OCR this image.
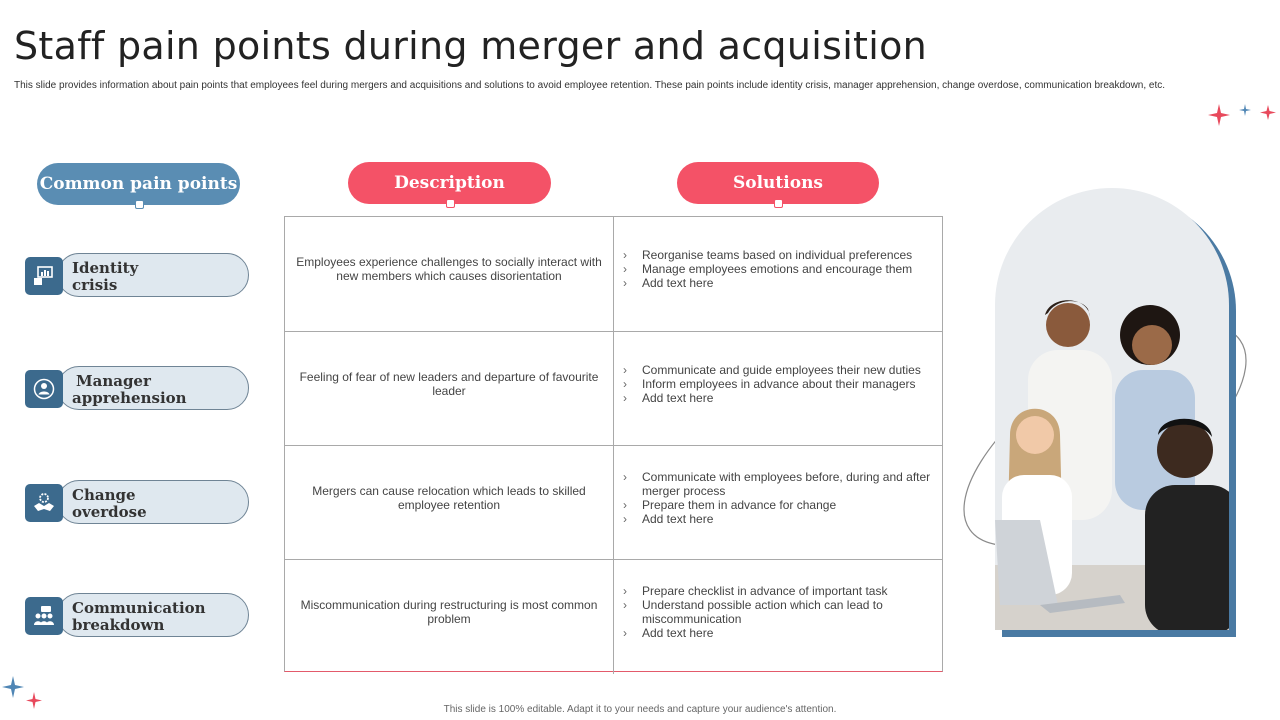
Staff pain points during merger and acquisition
This slide provides information about pain points that employees feel during mergers and acquisitions and solutions to avoid employee retention. These pain points include identity crisis, manager apprehension, change overdose, communication breakdown, etc.
Common pain points	Description	Solutions
Identity
crisis
Manager
apprehension
Change
overdose
Communication
breakdown
Employees experience challenges to socially interact with new members which causes disorientation
› Reorganise teams based on individual preferences
› Manage employees emotions and encourage them
› Add text here
Feeling of fear of new leaders and departure of favourite leader
› Communicate and guide employees their new duties
› Inform employees in advance about their managers
› Add text here
Mergers can cause relocation which leads to skilled employee retention
› Communicate with employees before, during and after merger process
› Prepare them in advance for change
› Add text here
Miscommunication during restructuring is most common problem
› Prepare checklist in advance of important task
› Understand possible action which can lead to miscommunication
› Add text here
This slide is 100% editable. Adapt it to your needs and capture your audience's attention.
